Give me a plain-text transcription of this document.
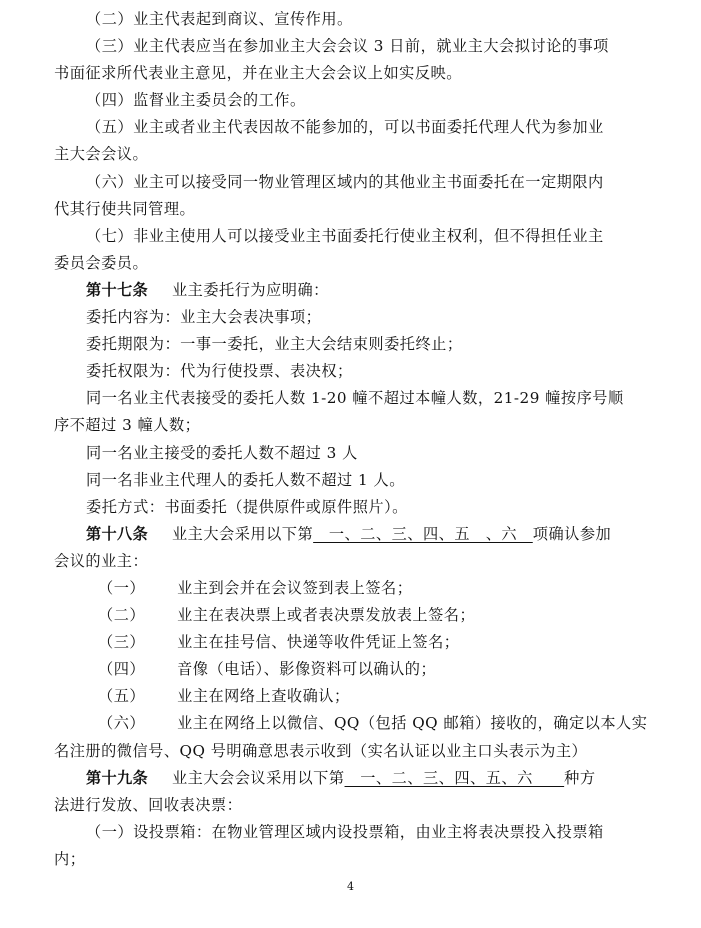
（二）业主代表起到商议、宣传作用。
（三）业主代表应当在参加业主大会会议 3 日前，就业主大会拟讨论的事项
书面征求所代表业主意见，并在业主大会会议上如实反映。
（四）监督业主委员会的工作。
（五）业主或者业主代表因故不能参加的，可以书面委托代理人代为参加业
主大会会议。
（六）业主可以接受同一物业管理区域内的其他业主书面委托在一定期限内
代其行使共同管理。
（七）非业主使用人可以接受业主书面委托行使业主权利，但不得担任业主
委员会委员。
第十七条 业主委托行为应明确：
委托内容为：业主大会表决事项；
委托期限为：一事一委托，业主大会结束则委托终止；
委托权限为：代为行使投票、表决权；
同一名业主代表接受的委托人数 1-20 幢不超过本幢人数，21-29 幢按序号顺
序不超过 3 幢人数；
同一名业主接受的委托人数不超过 3 人
同一名非业主代理人的委托人数不超过 1 人。
委托方式：书面委托（提供原件或原件照片）。
第十八条 业主大会采用以下第　一、二、三、四、五　、六　项确认参加
会议的业主：
（一） 业主到会并在会议签到表上签名；
（二） 业主在表决票上或者表决票发放表上签名；
（三） 业主在挂号信、快递等收件凭证上签名；
（四） 音像（电话）、影像资料可以确认的；
（五） 业主在网络上查收确认；
（六） 业主在网络上以微信、QQ（包括 QQ 邮箱）接收的，确定以本人实
名注册的微信号、QQ 号明确意思表示收到（实名认证以业主口头表示为主）
第十九条 业主大会会议采用以下第　一、二、三、四、五、六　　种方
法进行发放、回收表决票：
（一）设投票箱：在物业管理区域内设投票箱，由业主将表决票投入投票箱
内；
4
